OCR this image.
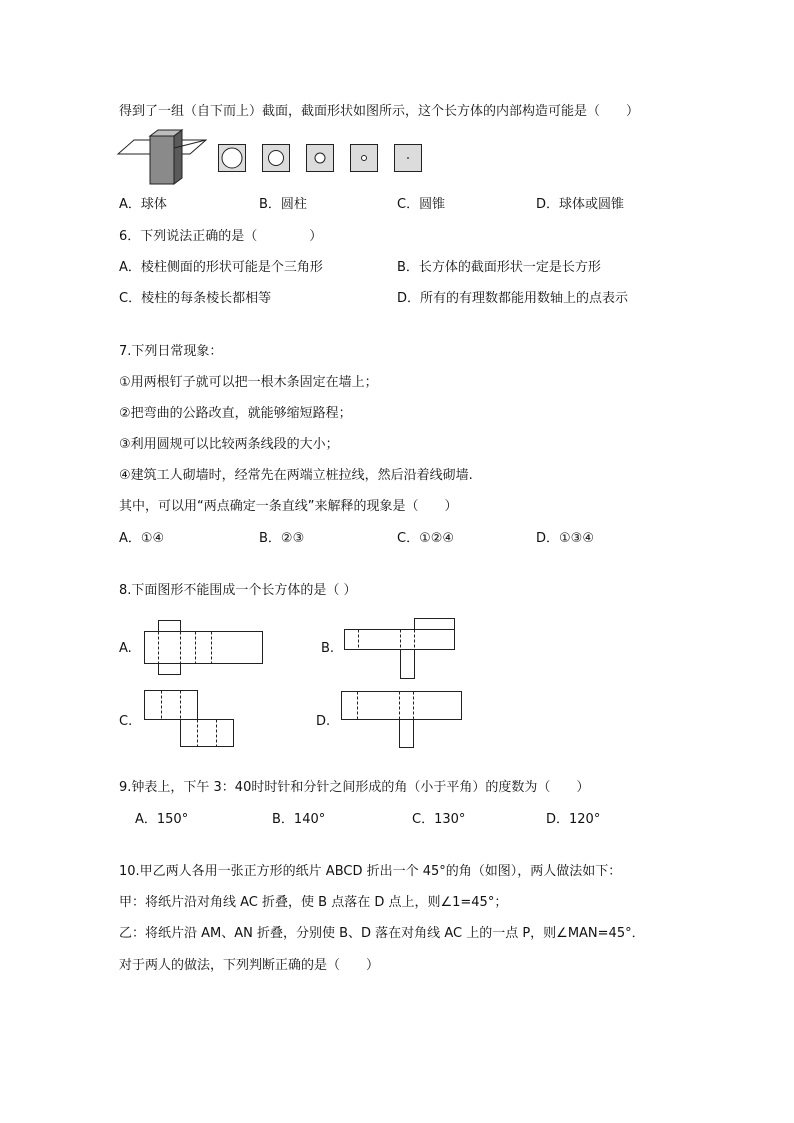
得到了一组（自下而上）截面，截面形状如图所示，这个长方体的内部构造可能是（　　）
A．球体	B．圆柱	C．圆锥	D．球体或圆锥
6．下列说法正确的是（　　　　）
A．棱柱侧面的形状可能是个三角形	B．长方体的截面形状一定是长方形
C．棱柱的每条棱长都相等	D．所有的有理数都能用数轴上的点表示
7.下列日常现象：
①用两根钉子就可以把一根木条固定在墙上；
②把弯曲的公路改直，就能够缩短路程；
③利用圆规可以比较两条线段的大小；
④建筑工人砌墙时，经常先在两端立桩拉线，然后沿着线砌墙.
其中，可以用“两点确定一条直线”来解释的现象是（　　）
A．①④	B．②③	C．①②④	D．①③④
8.下面图形不能围成一个长方体的是（ ）
A.	B.
C.	D.
9.钟表上，下午 3：40时时针和分针之间形成的角（小于平角）的度数为（　　）
A．150°	B．140°	C．130°	D．120°
10.甲乙两人各用一张正方形的纸片 ABCD 折出一个 45°的角（如图），两人做法如下：
甲：将纸片沿对角线 AC 折叠，使 B 点落在 D 点上，则∠1=45°；
乙：将纸片沿 AM、AN 折叠，分别使 B、D 落在对角线 AC 上的一点 P，则∠MAN=45°．
对于两人的做法，下列判断正确的是（　　）
